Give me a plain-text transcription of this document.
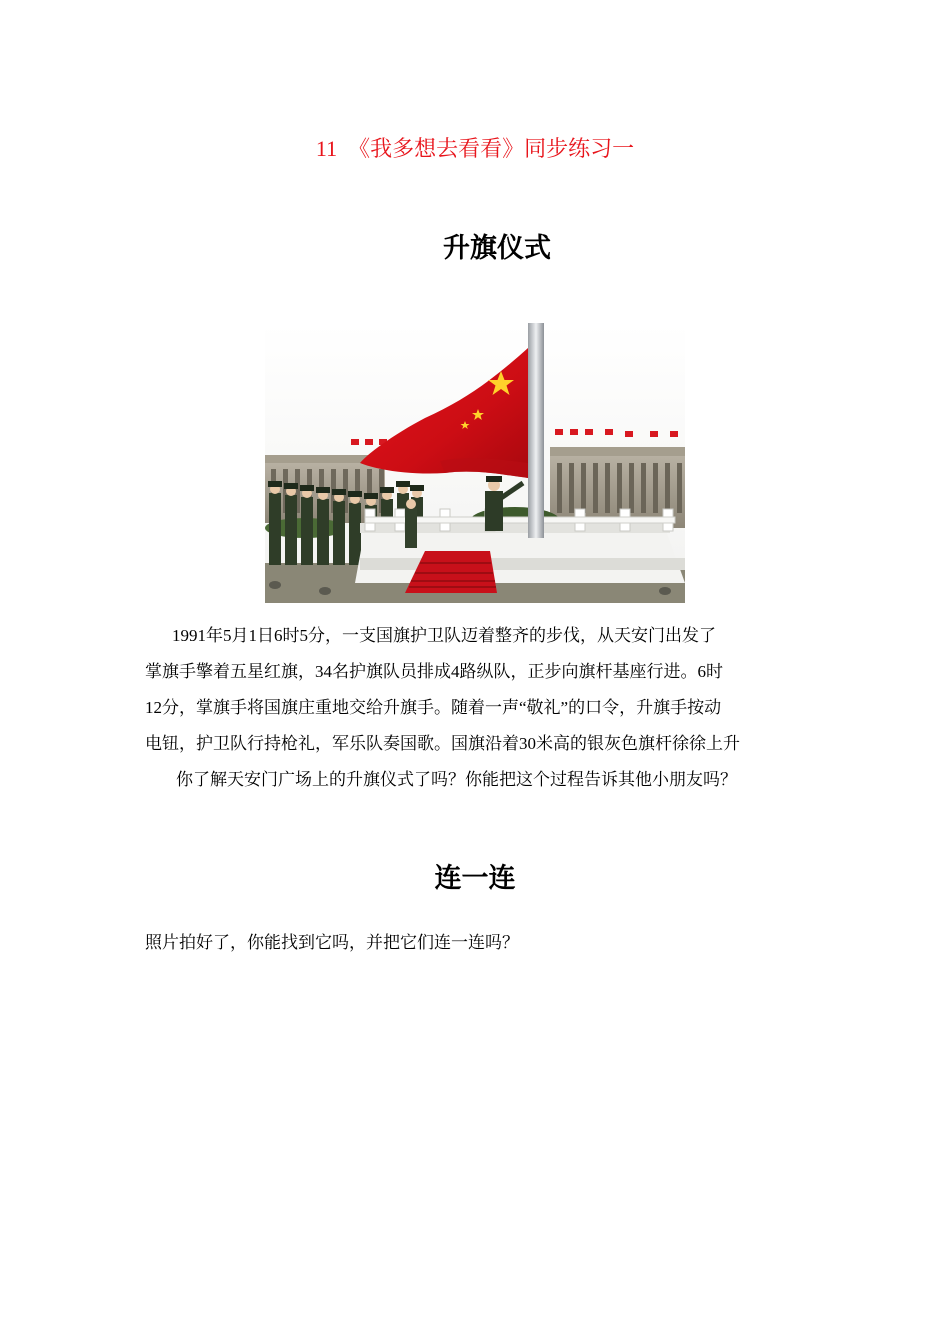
11  《我多想去看看》同步练习一
升旗仪式
1991年5月1日6时5分，一支国旗护卫队迈着整齐的步伐，从天安门出发了
掌旗手擎着五星红旗，34名护旗队员排成4路纵队，正步向旗杆基座行进。6时
12分，掌旗手将国旗庄重地交给升旗手。随着一声“敬礼”的口令，升旗手按动
电钮，护卫队行持枪礼，军乐队奏国歌。国旗沿着30米高的银灰色旗杆徐徐上升
你了解天安门广场上的升旗仪式了吗？你能把这个过程告诉其他小朋友吗？
连一连
照片拍好了，你能找到它吗，并把它们连一连吗？
